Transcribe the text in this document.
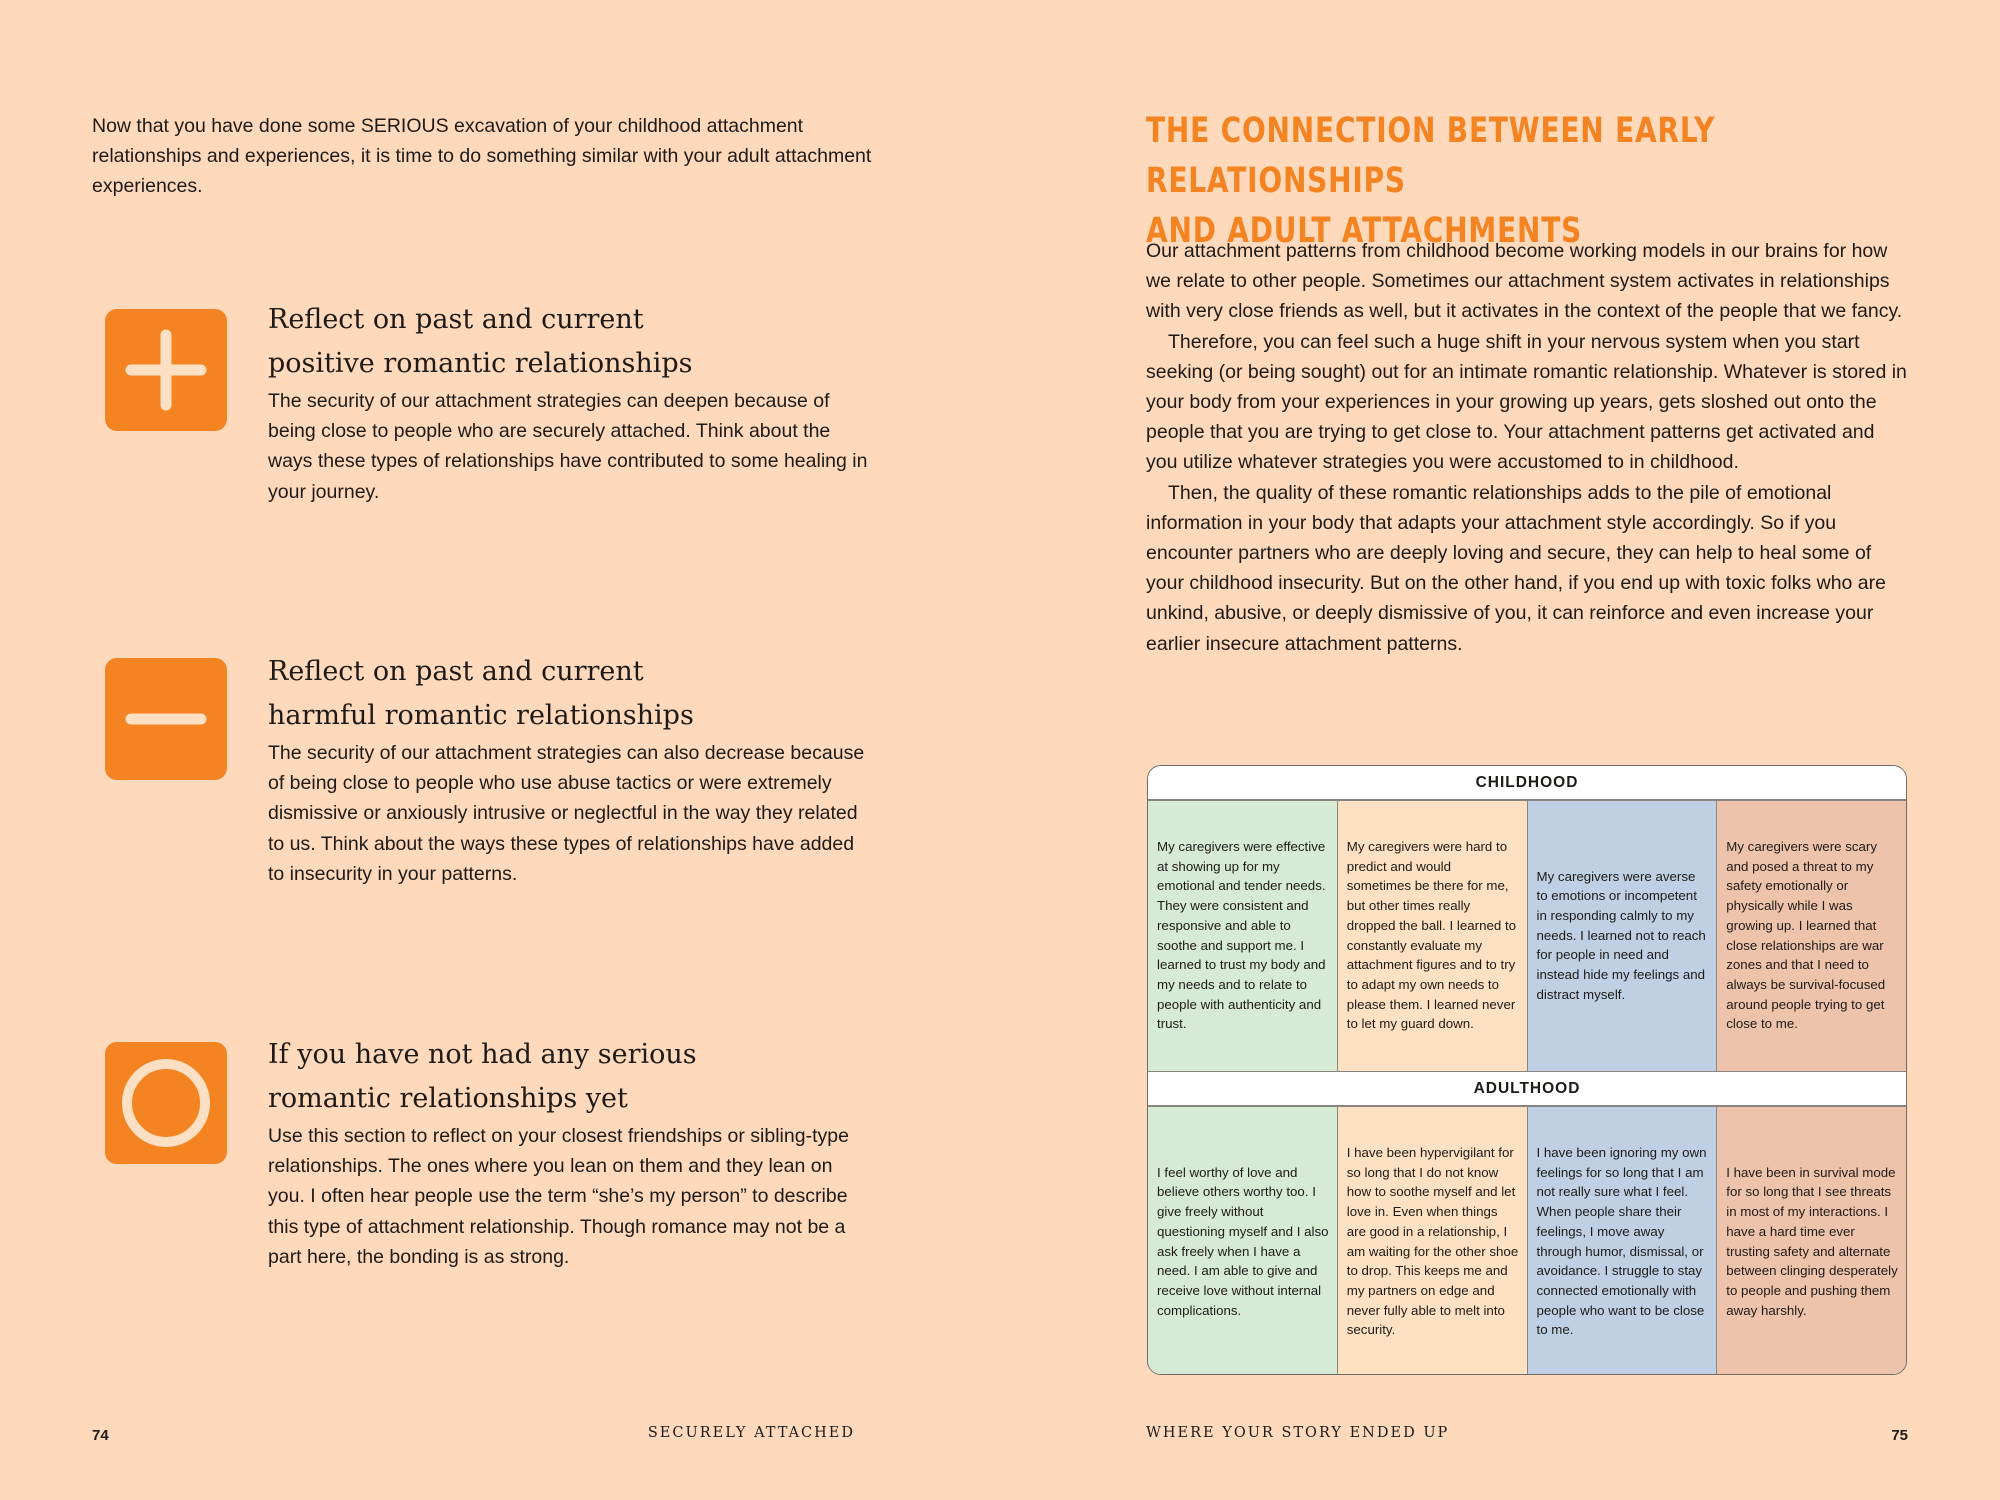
Now that you have done some SERIOUS excavation of your childhood attachment relationships and experiences, it is time to do something similar with your adult attachment experiences.

Reflect on past and current
positive romantic relationships

The security of our attachment strategies can deepen because of being close to people who are securely attached. Think about the ways these types of relationships have contributed to some healing in your journey.

Reflect on past and current
harmful romantic relationships

The security of our attachment strategies can also decrease because of being close to people who use abuse tactics or were extremely dismissive or anxiously intrusive or neglectful in the way they related to us. Think about the ways these types of relationships have added to insecurity in your patterns.

If you have not had any serious
romantic relationships yet

Use this section to reflect on your closest friendships or sibling-type relationships. The ones where you lean on them and they lean on you. I often hear people use the term “she’s my person” to describe this type of attachment relationship. Though romance may not be a part here, the bonding is as strong.

74	SECURELY ATTACHED
THE CONNECTION BETWEEN EARLY RELATIONSHIPS
AND ADULT ATTACHMENTS

Our attachment patterns from childhood become working models in our brains for how we relate to other people. Sometimes our attachment system activates in relationships with very close friends as well, but it activates in the context of the people that we fancy.

Therefore, you can feel such a huge shift in your nervous system when you start seeking (or being sought) out for an intimate romantic relationship. Whatever is stored in your body from your experiences in your growing up years, gets sloshed out onto the people that you are trying to get close to. Your attachment patterns get activated and you utilize whatever strategies you were accustomed to in childhood.

Then, the quality of these romantic relationships adds to the pile of emotional information in your body that adapts your attachment style accordingly. So if you encounter partners who are deeply loving and secure, they can help to heal some of your childhood insecurity. But on the other hand, if you end up with toxic folks who are unkind, abusive, or deeply dismissive of you, it can reinforce and even increase your earlier insecure attachment patterns.

CHILDHOOD
My caregivers were effective at showing up for my emotional and tender needs. They were consistent and responsive and able to soothe and support me. I learned to trust my body and my needs and to relate to people with authenticity and trust.
My caregivers were hard to predict and would sometimes be there for me, but other times really dropped the ball. I learned to constantly evaluate my attachment figures and to try to adapt my own needs to please them. I learned never to let my guard down.
My caregivers were averse to emotions or incompetent in responding calmly to my needs. I learned not to reach for people in need and instead hide my feelings and distract myself.
My caregivers were scary and posed a threat to my safety emotionally or physically while I was growing up. I learned that close relationships are war zones and that I need to always be survival-focused around people trying to get close to me.
ADULTHOOD
I feel worthy of love and believe others worthy too. I give freely without questioning myself and I also ask freely when I have a need. I am able to give and receive love without internal complications.
I have been hypervigilant for so long that I do not know how to soothe myself and let love in. Even when things are good in a relationship, I am waiting for the other shoe to drop. This keeps me and my partners on edge and never fully able to melt into security.
I have been ignoring my own feelings for so long that I am not really sure what I feel. When people share their feelings, I move away through humor, dismissal, or avoidance. I struggle to stay connected emotionally with people who want to be close to me.
I have been in survival mode for so long that I see threats in most of my interactions. I have a hard time ever trusting safety and alternate between clinging desperately to people and pushing them away harshly.
WHERE YOUR STORY ENDED UP	75
